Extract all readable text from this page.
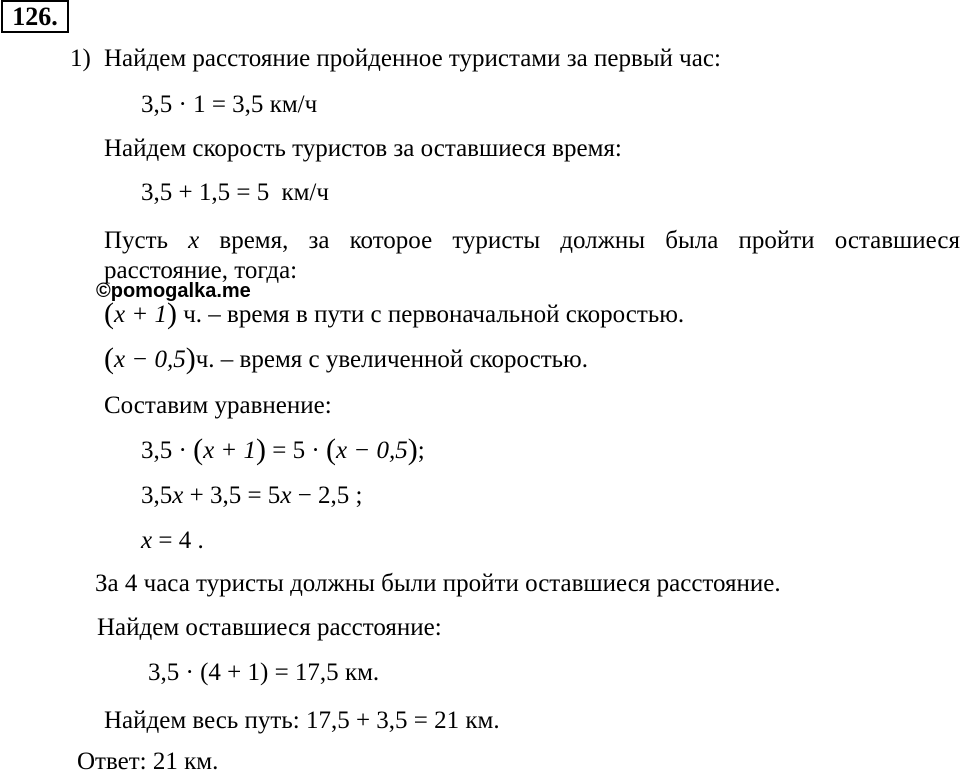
126.
1) Найдем расстояние пройденное туристами за первый час:
3,5 · 1 = 3,5 км/ч
Найдем скорость туристов за оставшиеся время:
3,5 + 1,5 = 5 км/ч
Пусть x время, за которое туристы должны была пройти оставшиеся
расстояние, тогда:
©pomogalka.me
(x + 1) ч. – время в пути с первоначальной скоростью.
(x − 0,5)ч. – время с увеличенной скоростью.
Составим уравнение:
3,5 · (x + 1) = 5 · (x − 0,5);
3,5x + 3,5 = 5x − 2,5 ;
x = 4 .
За 4 часа туристы должны были пройти оставшиеся расстояние.
Найдем оставшиеся расстояние:
3,5 · (4 + 1) = 17,5 км.
Найдем весь путь: 17,5 + 3,5 = 21 км.
Ответ: 21 км.
